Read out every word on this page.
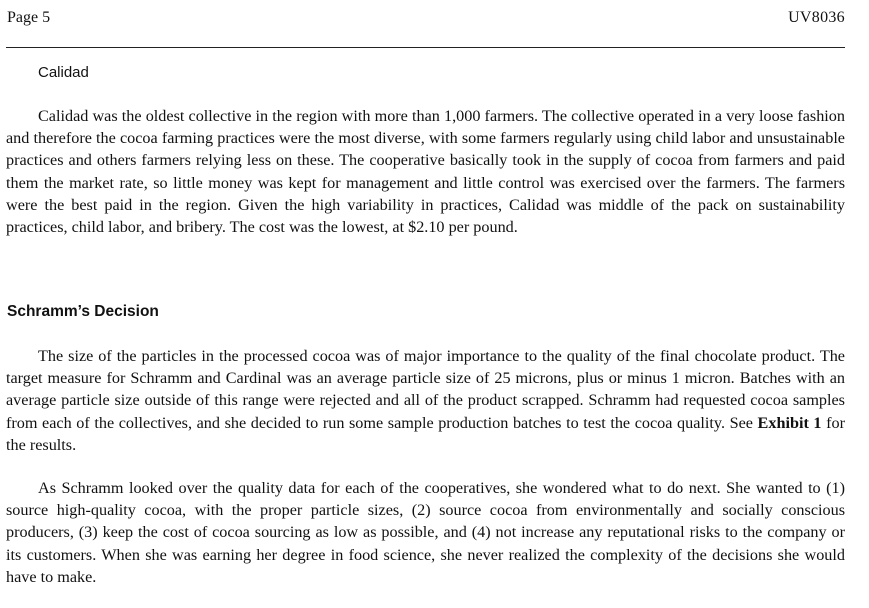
Page 5	UV8036
Calidad

Calidad was the oldest collective in the region with more than 1,000 farmers. The collective operated in a very loose fashion and therefore the cocoa farming practices were the most diverse, with some farmers regularly using child labor and unsustainable practices and others farmers relying less on these. The cooperative basically took in the supply of cocoa from farmers and paid them the market rate, so little money was kept for management and little control was exercised over the farmers. The farmers were the best paid in the region. Given the high variability in practices, Calidad was middle of the pack on sustainability practices, child labor, and bribery. The cost was the lowest, at $2.10 per pound.

Schramm’s Decision

The size of the particles in the processed cocoa was of major importance to the quality of the final chocolate product. The target measure for Schramm and Cardinal was an average particle size of 25 microns, plus or minus 1 micron. Batches with an average particle size outside of this range were rejected and all of the product scrapped. Schramm had requested cocoa samples from each of the collectives, and she decided to run some sample production batches to test the cocoa quality. See Exhibit 1 for the results.

As Schramm looked over the quality data for each of the cooperatives, she wondered what to do next. She wanted to (1) source high-quality cocoa, with the proper particle sizes, (2) source cocoa from environmentally and socially conscious producers, (3) keep the cost of cocoa sourcing as low as possible, and (4) not increase any reputational risks to the company or its customers. When she was earning her degree in food science, she never realized the complexity of the decisions she would have to make.
